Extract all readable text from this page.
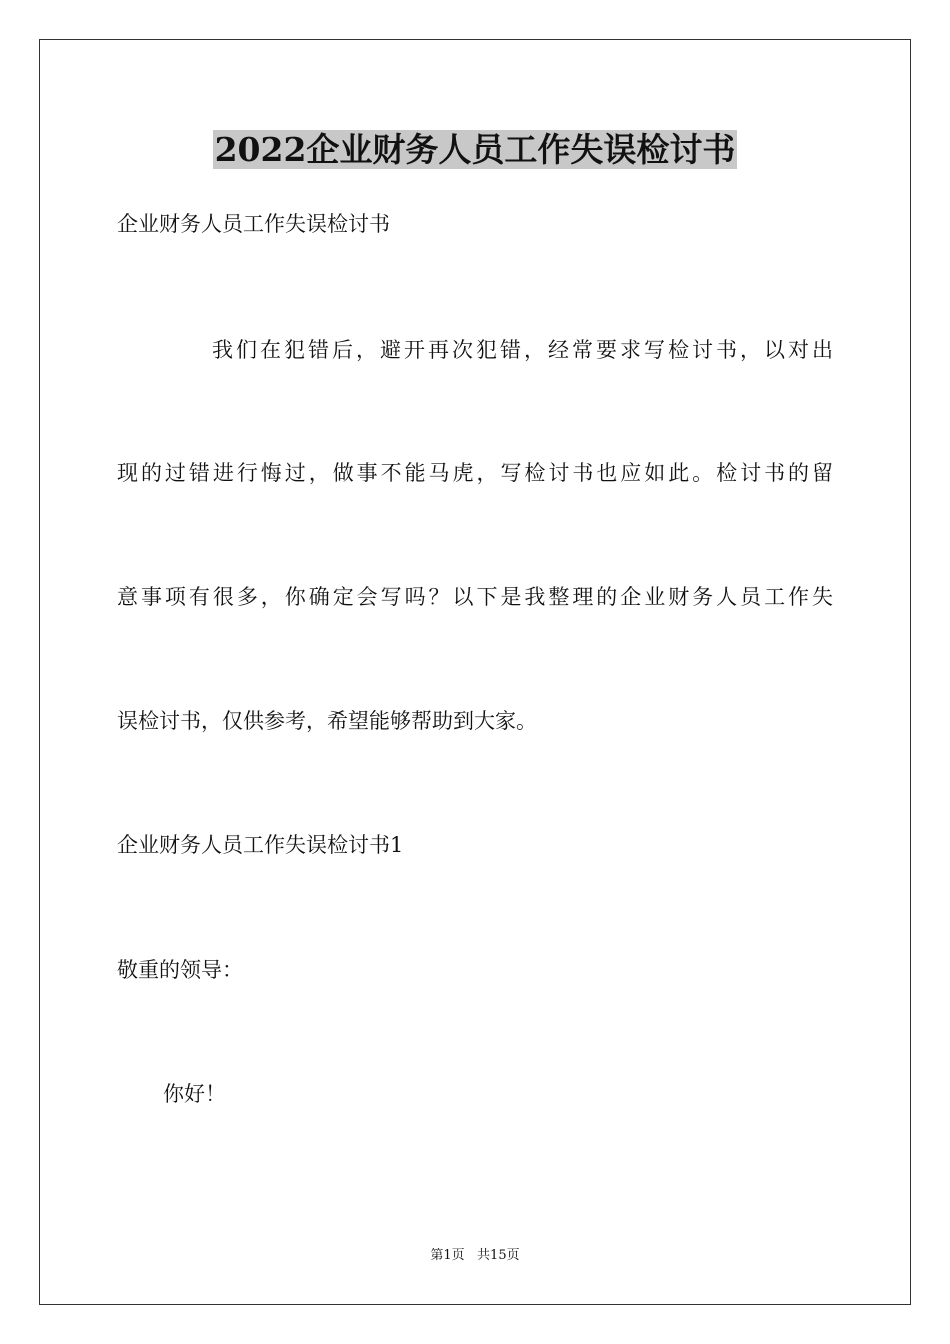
2022企业财务人员工作失误检讨书
企业财务人员工作失误检讨书
我们在犯错后，避开再次犯错，经常要求写检讨书，以对出
现的过错进行悔过，做事不能马虎，写检讨书也应如此。检讨书的留
意事项有很多，你确定会写吗？以下是我整理的企业财务人员工作失
误检讨书，仅供参考，希望能够帮助到大家。
企业财务人员工作失误检讨书1
敬重的领导：
你好！
第1页   共15页
